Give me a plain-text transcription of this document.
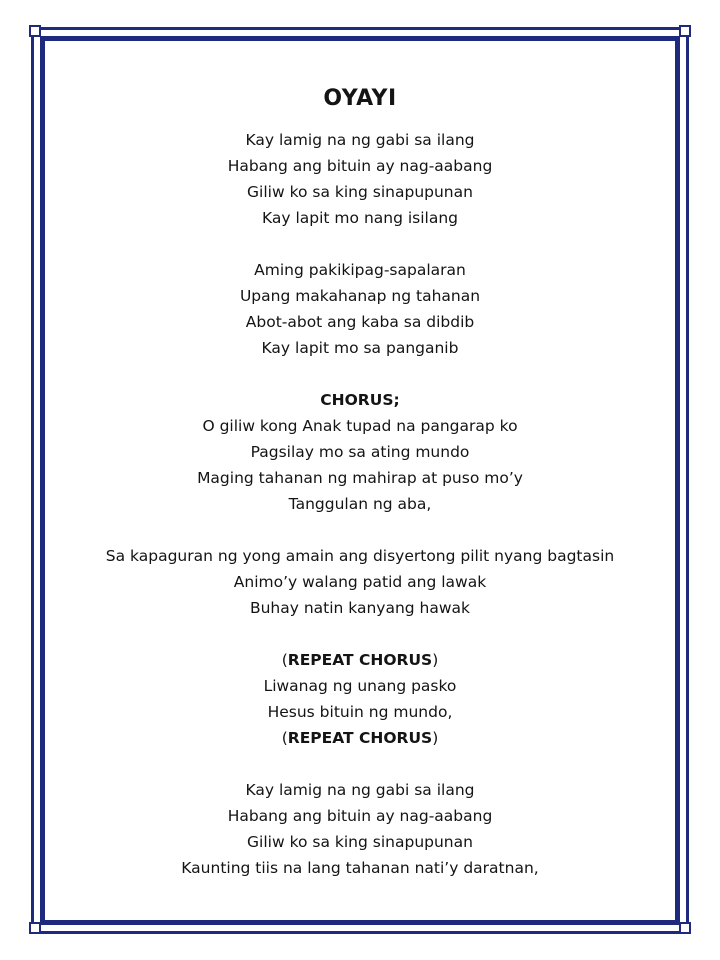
OYAYI
Kay lamig na ng gabi sa ilang
Habang ang bituin ay nag-aabang
Giliw ko sa king sinapupunan
Kay lapit mo nang isilang
Aming pakikipag-sapalaran
Upang makahanap ng tahanan
Abot-abot ang kaba sa dibdib
Kay lapit mo sa panganib
CHORUS;
O giliw kong Anak tupad na pangarap ko
Pagsilay mo sa ating mundo
Maging tahanan ng mahirap at puso mo’y
Tanggulan ng aba,
Sa kapaguran ng yong amain ang disyertong pilit nyang bagtasin
Animo’y walang patid ang lawak
Buhay natin kanyang hawak
(REPEAT CHORUS)
Liwanag ng unang pasko
Hesus bituin ng mundo,
(REPEAT CHORUS)
Kay lamig na ng gabi sa ilang
Habang ang bituin ay nag-aabang
Giliw ko sa king sinapupunan
Kaunting tiis na lang tahanan nati’y daratnan,
